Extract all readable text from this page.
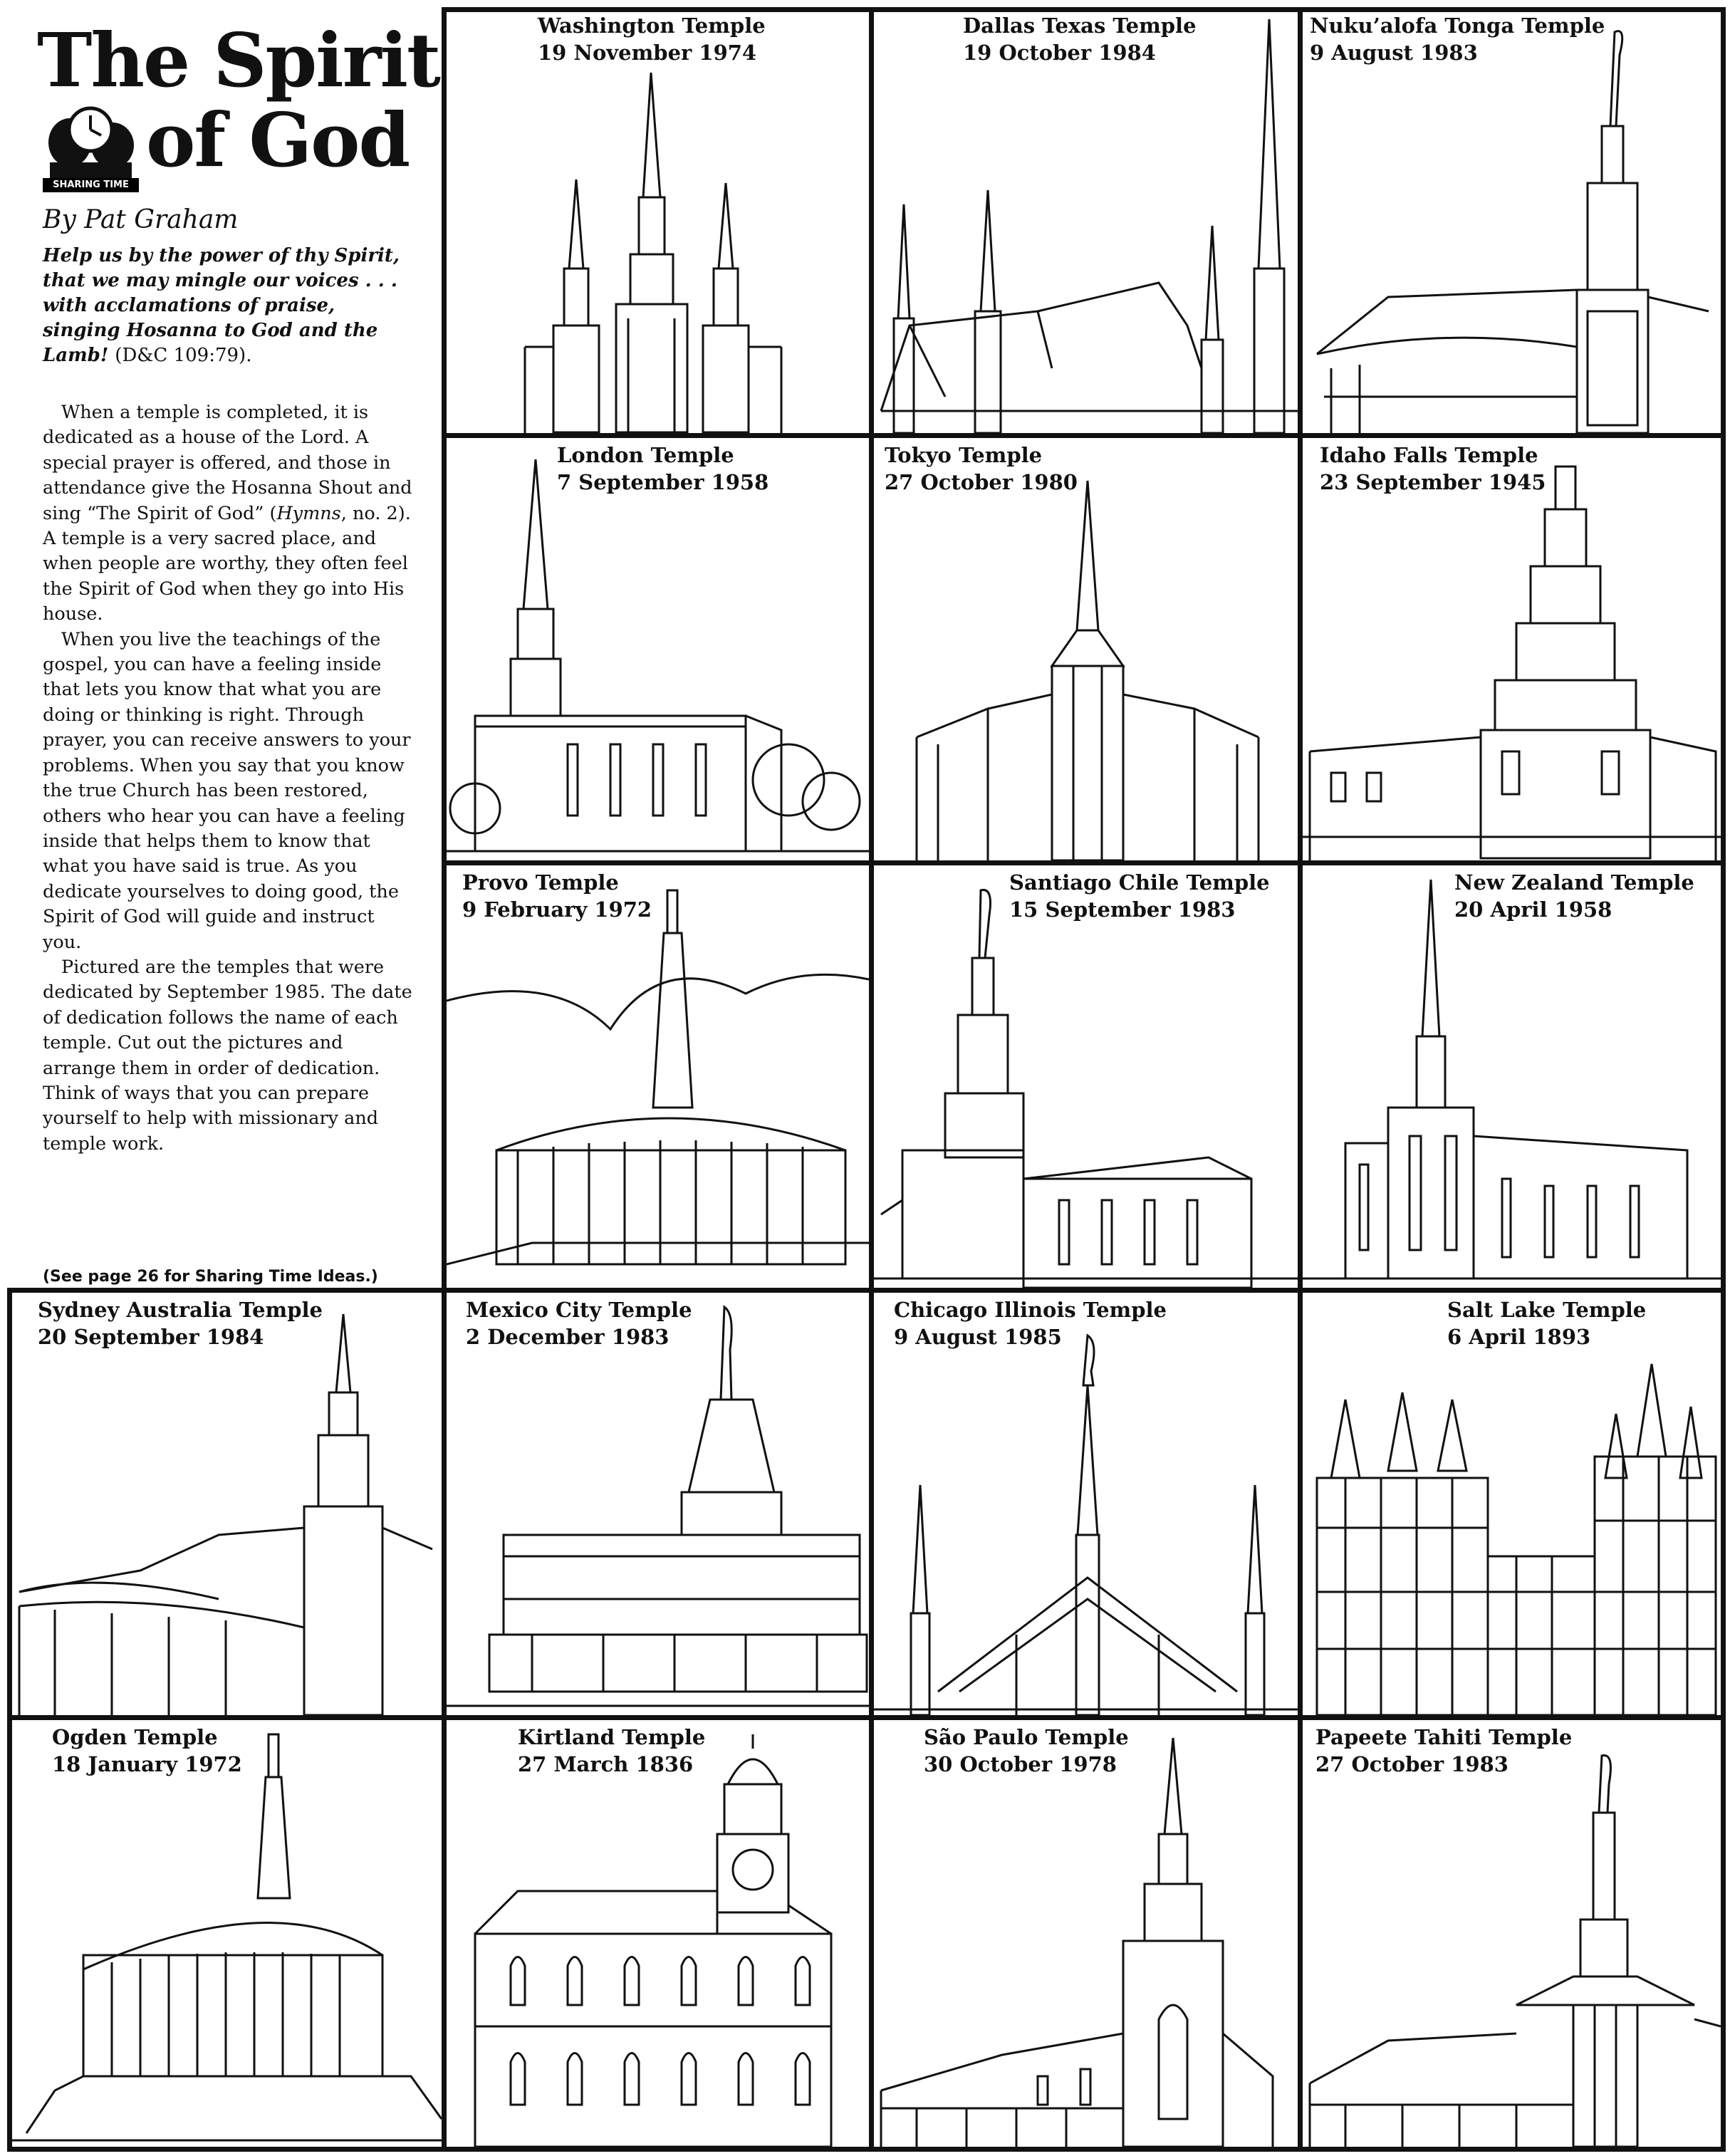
The Spirit
SHARING TIME
of God
By Pat Graham
Help us by the power of thy Spirit, that we may mingle our voices . . . with acclamations of praise, singing Hosanna to God and the Lamb! (D&C 109:79).

When a temple is completed, it is dedicated as a house of the Lord. A special prayer is offered, and those in attendance give the Hosanna Shout and sing “The Spirit of God” (Hymns, no. 2). A temple is a very sacred place, and when people are worthy, they often feel the Spirit of God when they go into His house.

When you live the teachings of the gospel, you can have a feeling inside that lets you know that what you are doing or thinking is right. Through prayer, you can receive answers to your problems. When you say that you know the true Church has been restored, others who hear you can have a feeling inside that helps them to know that what you have said is true. As you dedicate yourselves to doing good, the Spirit of God will guide and instruct you.

Pictured are the temples that were dedicated by September 1985. The date of dedication follows the name of each temple. Cut out the pictures and arrange them in order of dedication. Think of ways that you can prepare yourself to help with missionary and temple work.

(See page 26 for Sharing Time Ideas.)
Washington Temple
19 November 1974
Dallas Texas Temple
19 October 1984
Nuku’alofa Tonga Temple
9 August 1983
London Temple
7 September 1958
Tokyo Temple
27 October 1980
Idaho Falls Temple
23 September 1945
Provo Temple
9 February 1972
Santiago Chile Temple
15 September 1983
New Zealand Temple
20 April 1958
Sydney Australia Temple
20 September 1984
Mexico City Temple
2 December 1983
Chicago Illinois Temple
9 August 1985
Salt Lake Temple
6 April 1893
Ogden Temple
18 January 1972
Kirtland Temple
27 March 1836
São Paulo Temple
30 October 1978
Papeete Tahiti Temple
27 October 1983
